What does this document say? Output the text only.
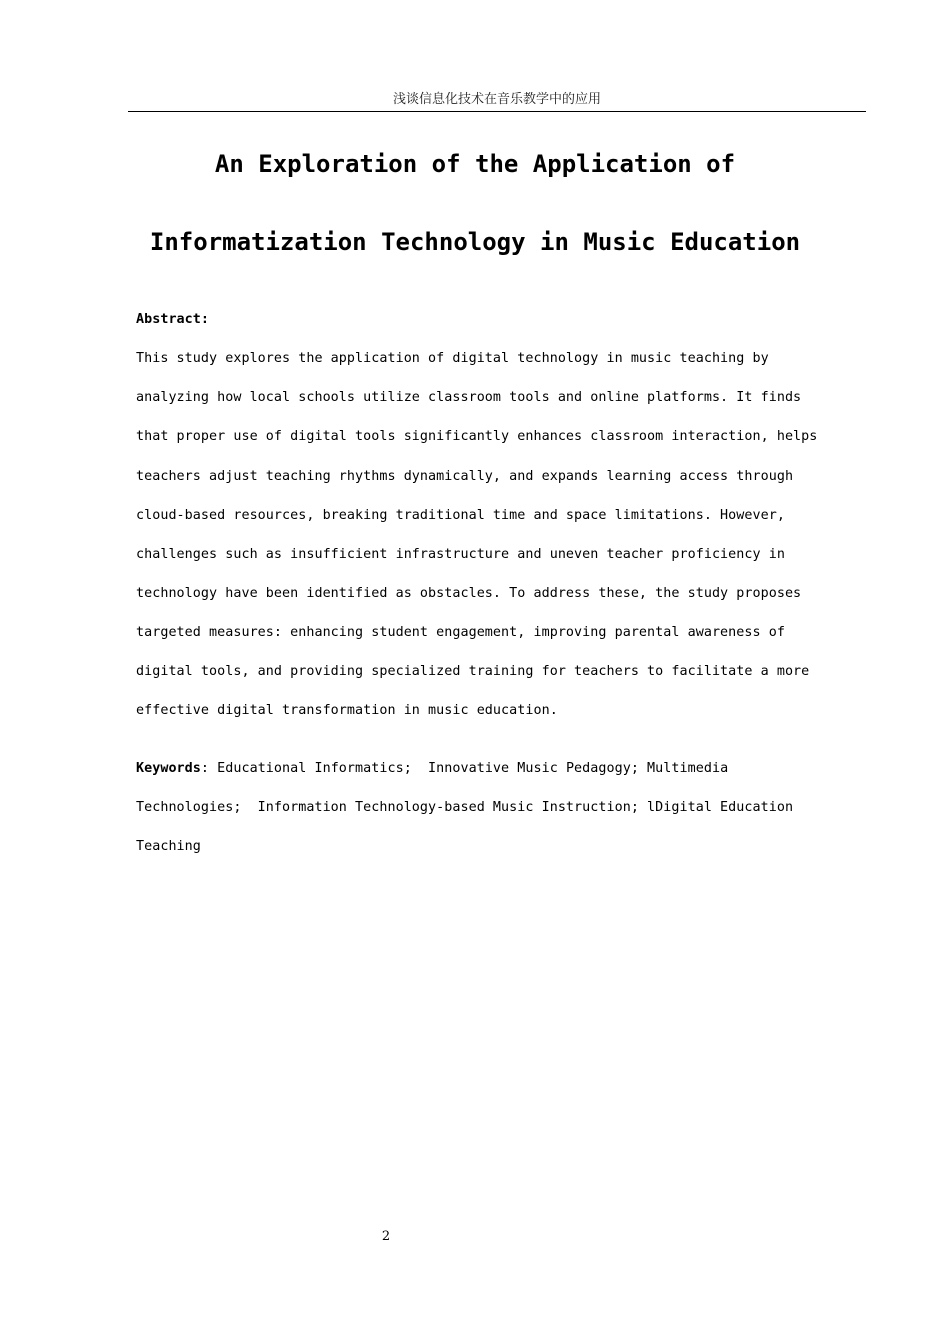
浅谈信息化技术在音乐教学中的应用
An Exploration of the Application of
Informatization Technology in Music Education
Abstract:
This study explores the application of digital technology in music teaching by
analyzing how local schools utilize classroom tools and online platforms. It finds
that proper use of digital tools significantly enhances classroom interaction, helps
teachers adjust teaching rhythms dynamically, and expands learning access through
cloud-based resources, breaking traditional time and space limitations. However,
challenges such as insufficient infrastructure and uneven teacher proficiency in
technology have been identified as obstacles. To address these, the study proposes
targeted measures: enhancing student engagement, improving parental awareness of
digital tools, and providing specialized training for teachers to facilitate a more
effective digital transformation in music education.
Keywords: Educational Informatics;  Innovative Music Pedagogy; Multimedia
Technologies;  Information Technology-based Music Instruction; lDigital Education
Teaching
2
